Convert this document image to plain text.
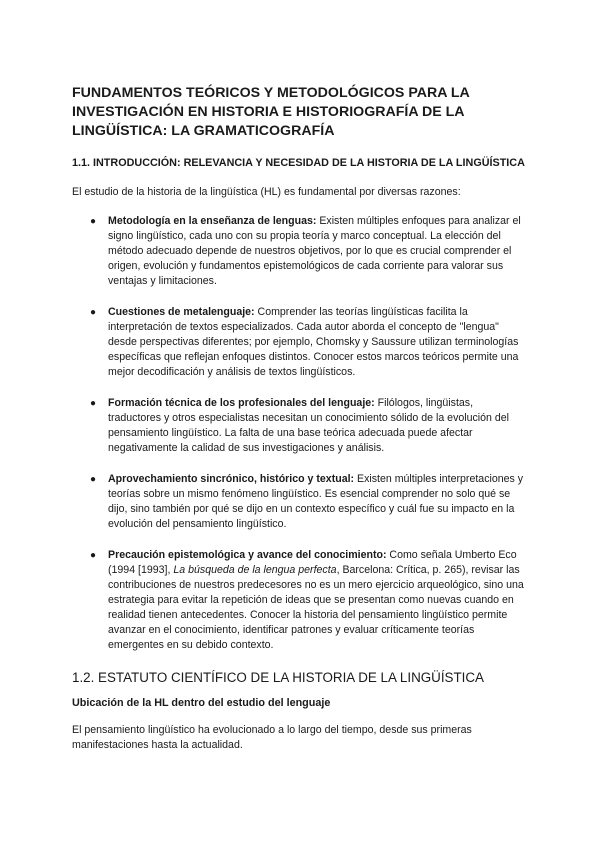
FUNDAMENTOS TEÓRICOS Y METODOLÓGICOS PARA LA INVESTIGACIÓN EN HISTORIA E HISTORIOGRAFÍA DE LA LINGÜÍSTICA: LA GRAMATICOGRAFÍA
1.1. INTRODUCCIÓN: RELEVANCIA Y NECESIDAD DE LA HISTORIA DE LA LINGÜÍSTICA

El estudio de la historia de la lingüística (HL) es fundamental por diversas razones:

● Metodología en la enseñanza de lenguas: Existen múltiples enfoques para analizar el signo lingüístico, cada uno con su propia teoría y marco conceptual. La elección del método adecuado depende de nuestros objetivos, por lo que es crucial comprender el origen, evolución y fundamentos epistemológicos de cada corriente para valorar sus ventajas y limitaciones.
● Cuestiones de metalenguaje: Comprender las teorías lingüísticas facilita la interpretación de textos especializados. Cada autor aborda el concepto de "lengua" desde perspectivas diferentes; por ejemplo, Chomsky y Saussure utilizan terminologías específicas que reflejan enfoques distintos. Conocer estos marcos teóricos permite una mejor decodificación y análisis de textos lingüísticos.
● Formación técnica de los profesionales del lenguaje: Filólogos, lingüistas, traductores y otros especialistas necesitan un conocimiento sólido de la evolución del pensamiento lingüístico. La falta de una base teórica adecuada puede afectar negativamente la calidad de sus investigaciones y análisis.
● Aprovechamiento sincrónico, histórico y textual: Existen múltiples interpretaciones y teorías sobre un mismo fenómeno lingüístico. Es esencial comprender no solo qué se dijo, sino también por qué se dijo en un contexto específico y cuál fue su impacto en la evolución del pensamiento lingüístico.
● Precaución epistemológica y avance del conocimiento: Como señala Umberto Eco (1994 [1993], La búsqueda de la lengua perfecta, Barcelona: Crítica, p. 265), revisar las contribuciones de nuestros predecesores no es un mero ejercicio arqueológico, sino una estrategia para evitar la repetición de ideas que se presentan como nuevas cuando en realidad tienen antecedentes. Conocer la historia del pensamiento lingüístico permite avanzar en el conocimiento, identificar patrones y evaluar críticamente teorías emergentes en su debido contexto.
1.2. ESTATUTO CIENTÍFICO DE LA HISTORIA DE LA LINGÜÍSTICA
Ubicación de la HL dentro del estudio del lenguaje

El pensamiento lingüístico ha evolucionado a lo largo del tiempo, desde sus primeras manifestaciones hasta la actualidad.
